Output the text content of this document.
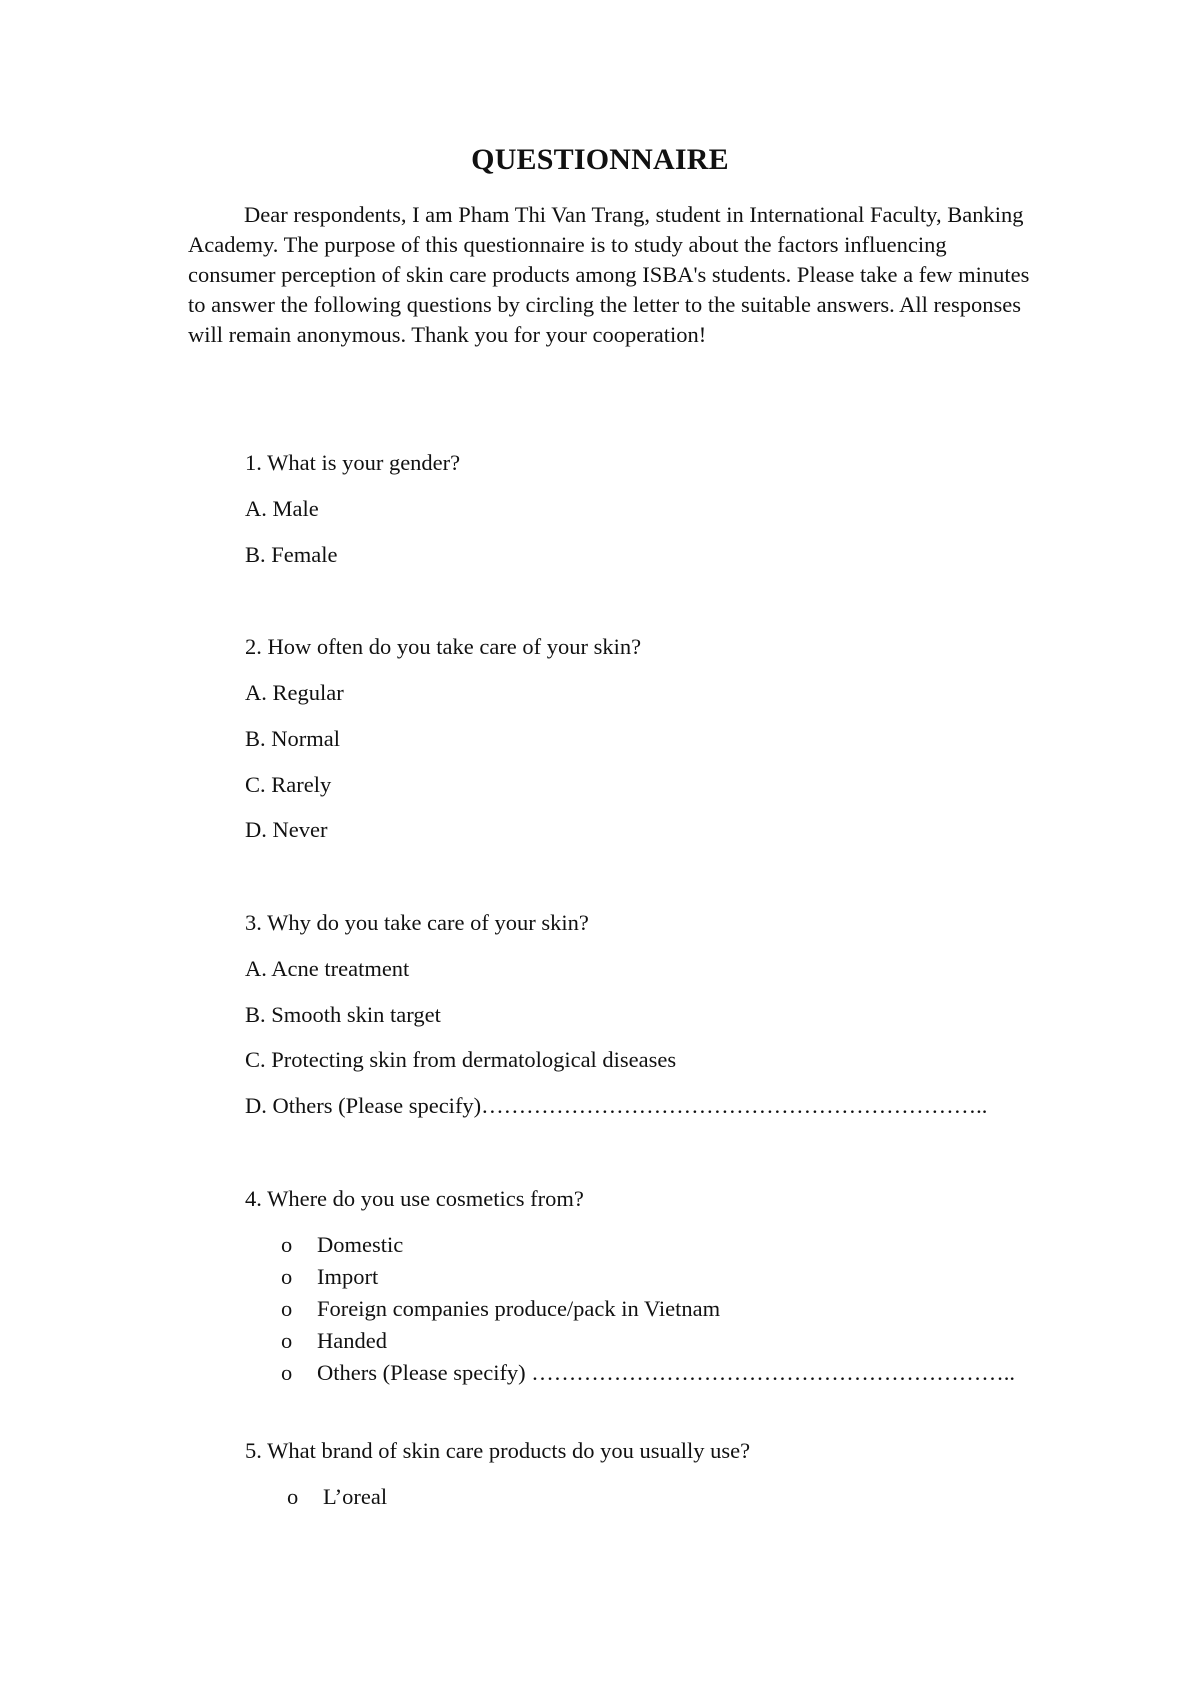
QUESTIONNAIRE

Dear respondents, I am Pham Thi Van Trang, student in International Faculty, Banking Academy. The purpose of this questionnaire is to study about the factors influencing consumer perception of skin care products among ISBA's students. Please take a few minutes to answer the following questions by circling the letter to the suitable answers. All responses will remain anonymous. Thank you for your cooperation!

1. What is your gender?
A. Male
B. Female
2. How often do you take care of your skin?
A. Regular
B. Normal
C. Rarely
D. Never
3. Why do you take care of your skin?
A. Acne treatment
B. Smooth skin target
C. Protecting skin from dermatological diseases
D. Others (Please specify)…………………………………………………………..
4. Where do you use cosmetics from?
o Domestic
o Import
o Foreign companies produce/pack in Vietnam
o Handed
o Others (Please specify) ………………………………………………………..
5. What brand of skin care products do you usually use?
o L’oreal
